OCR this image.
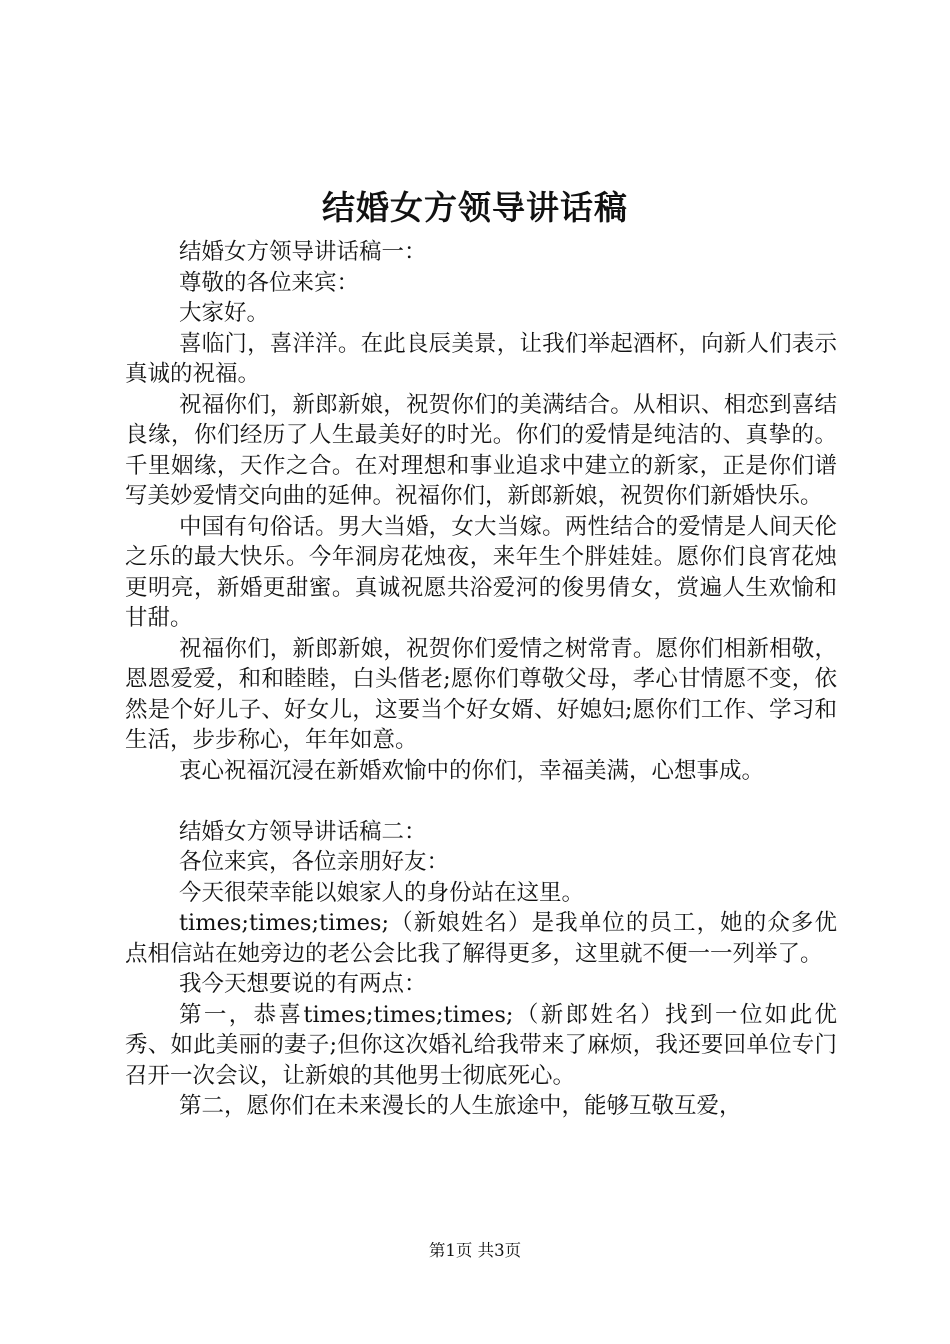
结婚女方领导讲话稿

结婚女方领导讲话稿一：

尊敬的各位来宾：

大家好。

喜临门，喜洋洋。在此良辰美景，让我们举起酒杯，向新人们表示真诚的祝福。

祝福你们，新郎新娘，祝贺你们的美满结合。从相识、相恋到喜结良缘，你们经历了人生最美好的时光。你们的爱情是纯洁的、真挚的。千里姻缘，天作之合。在对理想和事业追求中建立的新家，正是你们谱写美妙爱情交向曲的延伸。祝福你们，新郎新娘，祝贺你们新婚快乐。

中国有句俗话。男大当婚，女大当嫁。两性结合的爱情是人间天伦之乐的最大快乐。今年洞房花烛夜，来年生个胖娃娃。愿你们良宵花烛更明亮，新婚更甜蜜。真诚祝愿共浴爱河的俊男倩女，赏遍人生欢愉和甘甜。

祝福你们，新郎新娘，祝贺你们爱情之树常青。愿你们相新相敬，恩恩爱爱，和和睦睦，白头偕老;愿你们尊敬父母，孝心甘情愿不变，依然是个好儿子、好女儿，这要当个好女婿、好媳妇;愿你们工作、学习和生活，步步称心，年年如意。

衷心祝福沉浸在新婚欢愉中的你们，幸福美满，心想事成。

结婚女方领导讲话稿二：

各位来宾，各位亲朋好友：

今天很荣幸能以娘家人的身份站在这里。

times;times;times;（新娘姓名）是我单位的员工，她的众多优点相信站在她旁边的老公会比我了解得更多，这里就不便一一列举了。

我今天想要说的有两点：

第一，恭喜times;times;times;（新郎姓名）找到一位如此优秀、如此美丽的妻子;但你这次婚礼给我带来了麻烦，我还要回单位专门召开一次会议，让新娘的其他男士彻底死心。

第二，愿你们在未来漫长的人生旅途中，能够互敬互爱，

第1页 共3页
